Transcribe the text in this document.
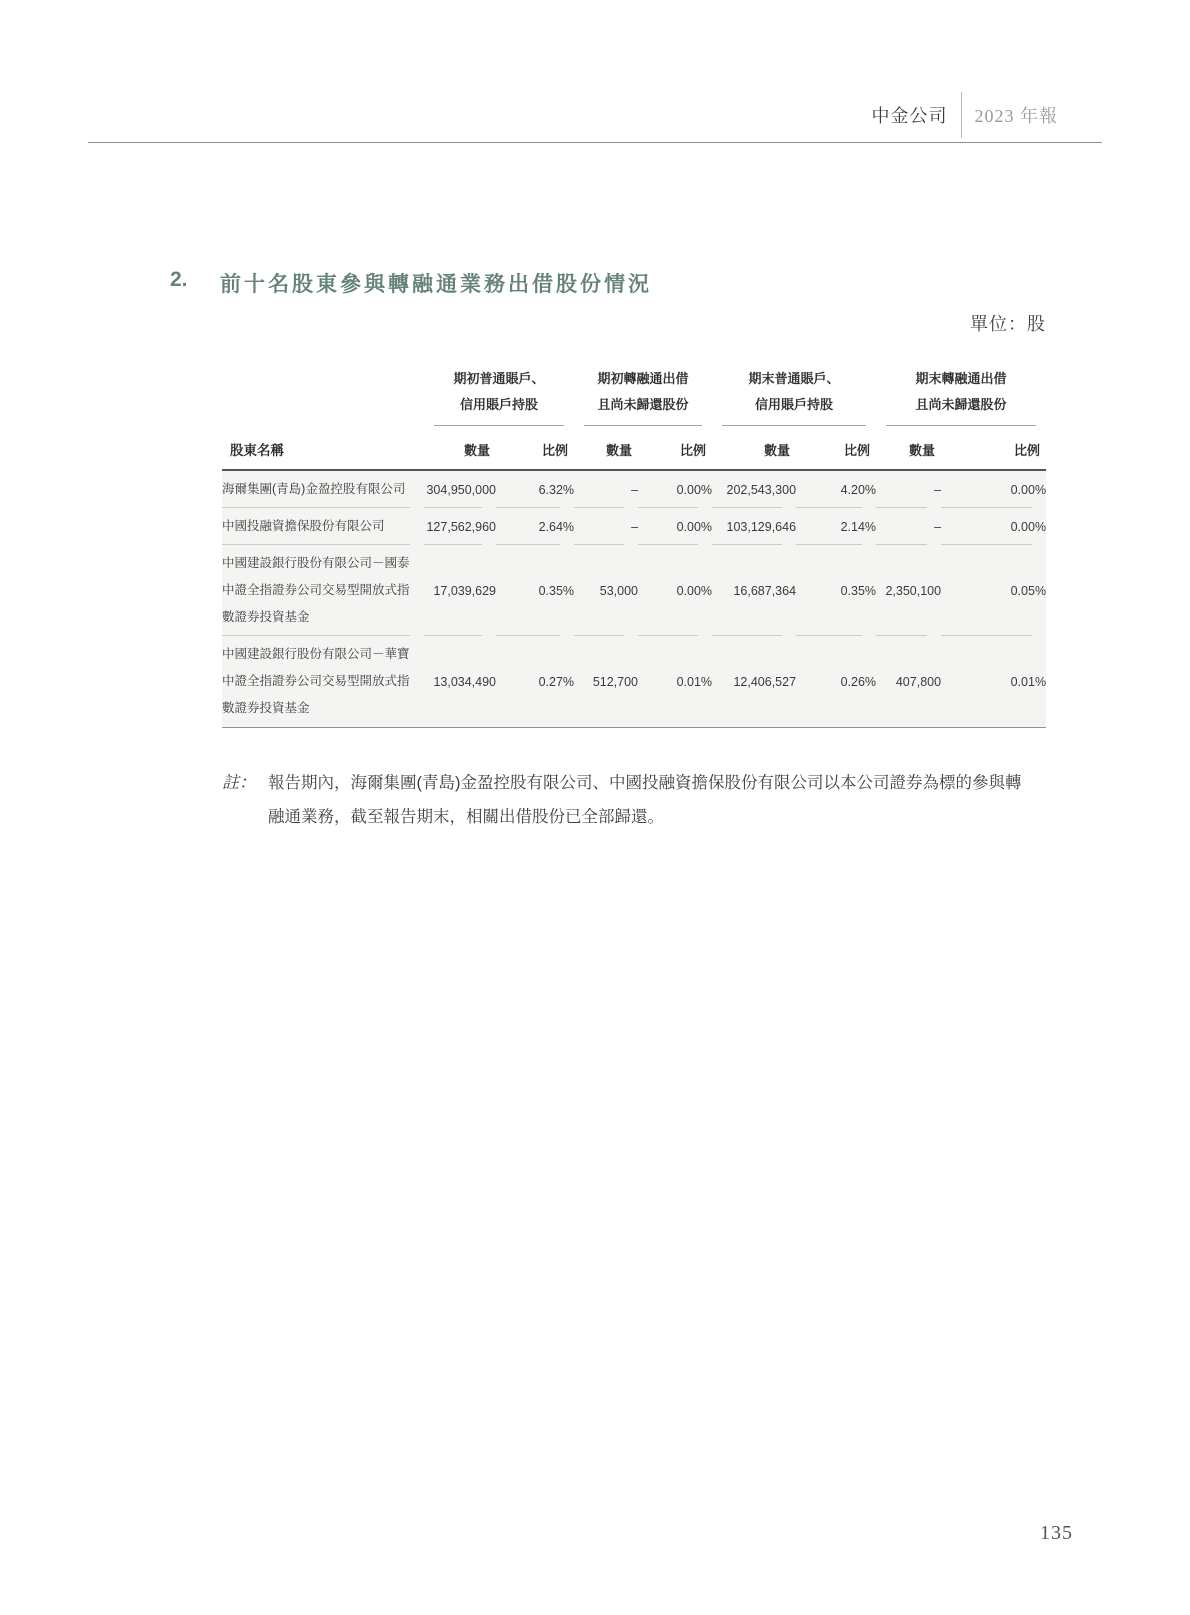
中金公司 2023 年報
2.	前十名股東參與轉融通業務出借股份情況
單位：股

期初普通賬戶、
信用賬戶持股

期初轉融通出借
且尚未歸還股份

期末普通賬戶、
信用賬戶持股

期末轉融通出借
且尚未歸還股份

股東名稱	數量	比例	數量	比例	數量	比例	數量	比例

海爾集團(青島)金盈控股有限公司	304,950,000	6.32%	–	0.00%	202,543,300	4.20%	–	0.00%

中國投融資擔保股份有限公司	127,562,960	2.64%	–	0.00%	103,129,646	2.14%	–	0.00%

中國建設銀行股份有限公司－國泰
中證全指證券公司交易型開放式指
數證券投資基金	17,039,629	0.35%	53,000	0.00%	16,687,364	0.35%	2,350,100	0.05%

中國建設銀行股份有限公司－華寶
中證全指證券公司交易型開放式指
數證券投資基金	13,034,490	0.27%	512,700	0.01%	12,406,527	0.26%	407,800	0.01%
註： 報告期內，海爾集團(青島)金盈控股有限公司、中國投融資擔保股份有限公司以本公司證券為標的參與轉
融通業務，截至報告期末，相關出借股份已全部歸還。
135
